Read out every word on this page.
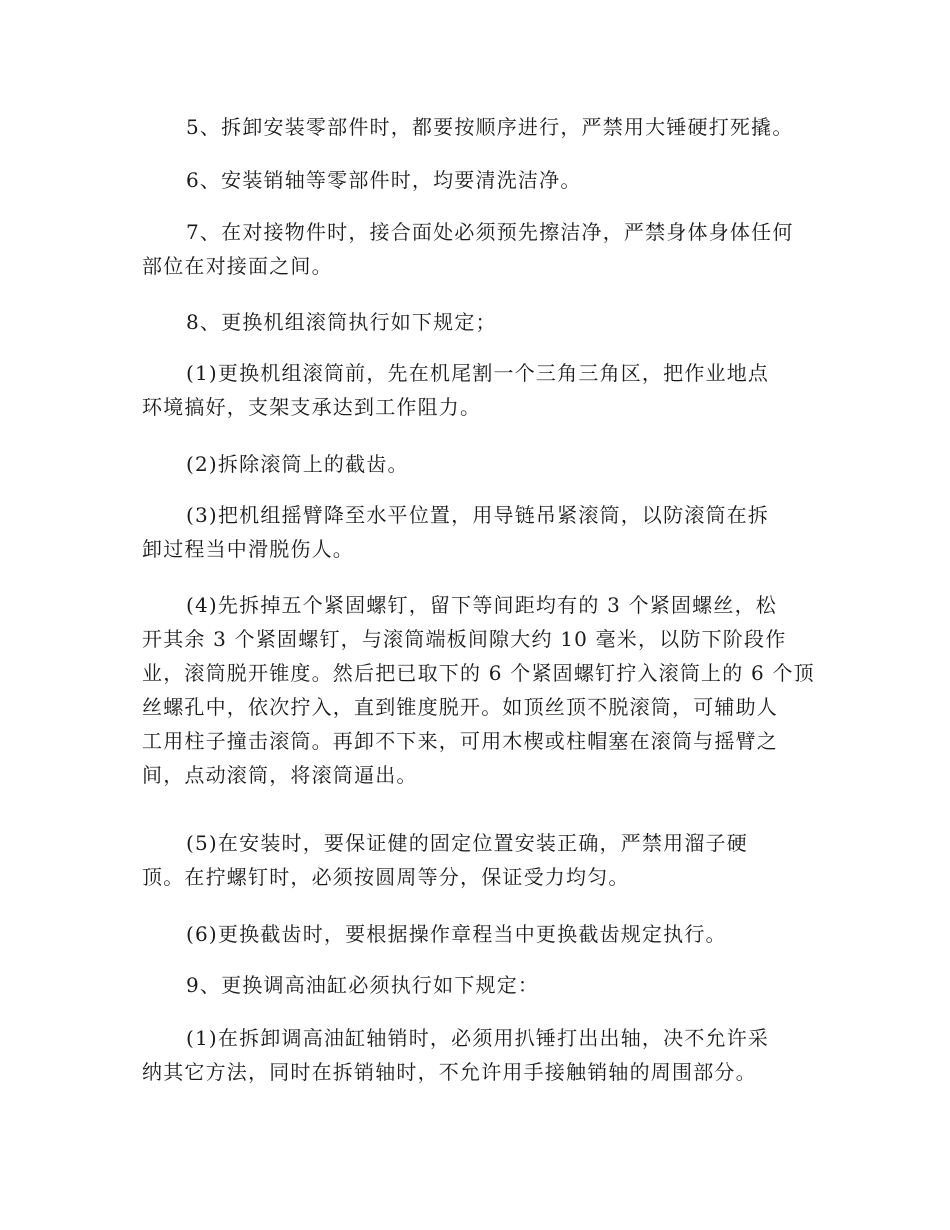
5、拆卸安装零部件时，都要按顺序进行，严禁用大锤硬打死撬。
6、安装销轴等零部件时，均要清洗洁净。
7、在对接物件时，接合面处必须预先擦洁净，严禁身体身体任何
部位在对接面之间。
8、更换机组滚筒执行如下规定；
(1)更换机组滚筒前，先在机尾割一个三角三角区，把作业地点
环境搞好，支架支承达到工作阻力。
(2)拆除滚筒上的截齿。
(3)把机组摇臂降至水平位置，用导链吊紧滚筒，以防滚筒在拆
卸过程当中滑脱伤人。
(4)先拆掉五个紧固螺钉，留下等间距均有的 3 个紧固螺丝，松
开其余 3 个紧固螺钉，与滚筒端板间隙大约 10 毫米，以防下阶段作
业，滚筒脱开锥度。然后把已取下的 6 个紧固螺钉拧入滚筒上的 6 个顶
丝螺孔中，依次拧入，直到锥度脱开。如顶丝顶不脱滚筒，可辅助人
工用柱子撞击滚筒。再卸不下来，可用木楔或柱帽塞在滚筒与摇臂之
间，点动滚筒，将滚筒逼出。
(5)在安装时，要保证健的固定位置安装正确，严禁用溜子硬
顶。在拧螺钉时，必须按圆周等分，保证受力均匀。
(6)更换截齿时，要根据操作章程当中更换截齿规定执行。
9、更换调高油缸必须执行如下规定：
(1)在拆卸调高油缸轴销时，必须用扒锤打出出轴，决不允许采
纳其它方法，同时在拆销轴时，不允许用手接触销轴的周围部分。
